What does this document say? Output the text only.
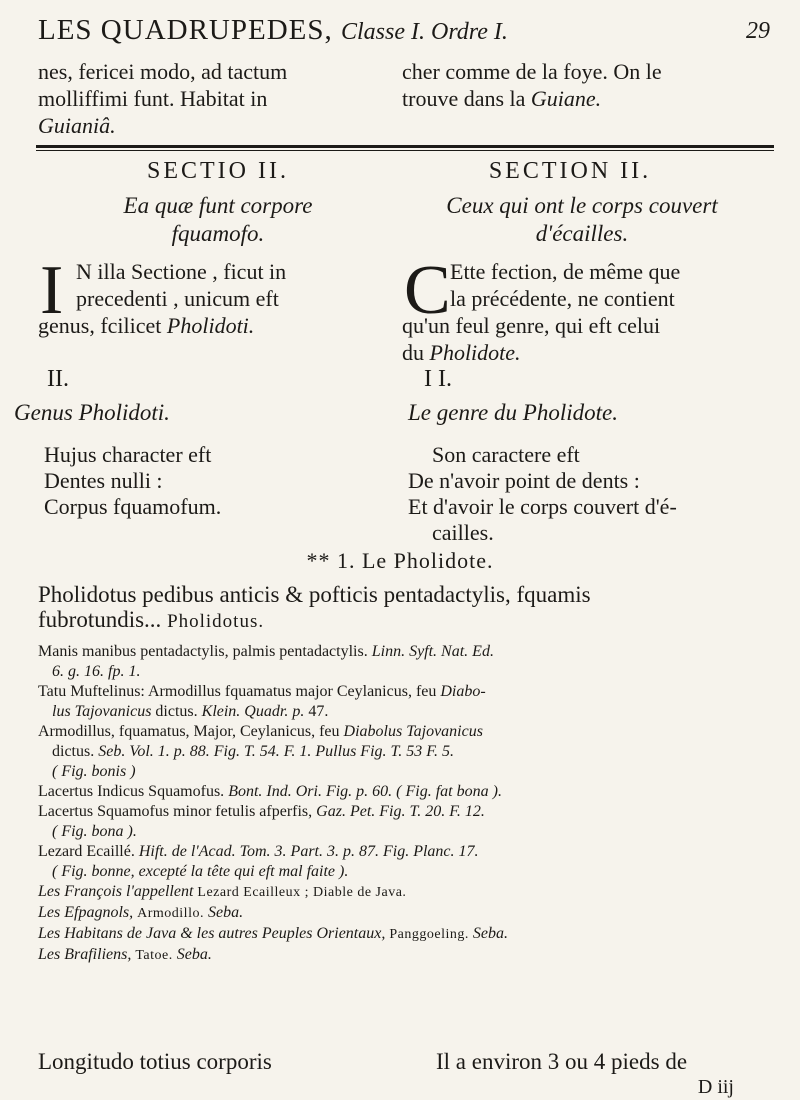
LES QUADRUPEDES, Classe I. Ordre I.	29
nes, fericei modo, ad tactum
molliffimi funt. Habitat in
Guianiâ.
cher comme de la foye. On le
trouve dans la Guiane.
SECTIO II.
Ea quæ funt corpore
fquamofo.
I N illa Sectione , ficut in
precedenti , unicum eft
genus, fcilicet Pholidoti.
II.
Genus Pholidoti.
Hujus character eft
Dentes nulli :
Corpus fquamofum.
SECTION II.
Ceux qui ont le corps couvert
d'écailles.
C Ette fection, de même que
la précédente, ne contient
qu'un feul genre, qui eft celui
du Pholidote.
I I.
Le genre du Pholidote.
Son caractere eft
De n'avoir point de dents :
Et d'avoir le corps couvert d'é-
cailles.
** 1. Le Pholidote.
Pholidotus pedibus anticis & pofticis pentadactylis, fquamis
fubrotundis... Pholidotus.
Manis manibus pentadactylis, palmis pentadactylis. Linn. Syft. Nat. Ed.
6. g. 16. fp. 1.
Tatu Muftelinus: Armodillus fquamatus major Ceylanicus, feu Diabo-
lus Tajovanicus dictus. Klein. Quadr. p. 47.
Armodillus, fquamatus, Major, Ceylanicus, feu Diabolus Tajovanicus
dictus. Seb. Vol. 1. p. 88. Fig. T. 54. F. 1. Pullus Fig. T. 53 F. 5.
( Fig. bonis )
Lacertus Indicus Squamofus. Bont. Ind. Ori. Fig. p. 60. ( Fig. fat bona ).
Lacertus Squamofus minor fetulis afperfis, Gaz. Pet. Fig. T. 20. F. 12.
( Fig. bona ).
Lezard Ecaillé. Hift. de l'Acad. Tom. 3. Part. 3. p. 87. Fig. Planc. 17.
( Fig. bonne, excepté la tête qui eft mal faite ).
Les François l'appellent Lezard Ecailleux ; Diable de Java.
Les Efpagnols, Armodillo. Seba.
Les Habitans de Java & les autres Peuples Orientaux, Panggoeling. Seba.
Les Brafiliens, Tatoe. Seba.
Longitudo totius corporis	Il a environ 3 ou 4 pieds de
D iij
